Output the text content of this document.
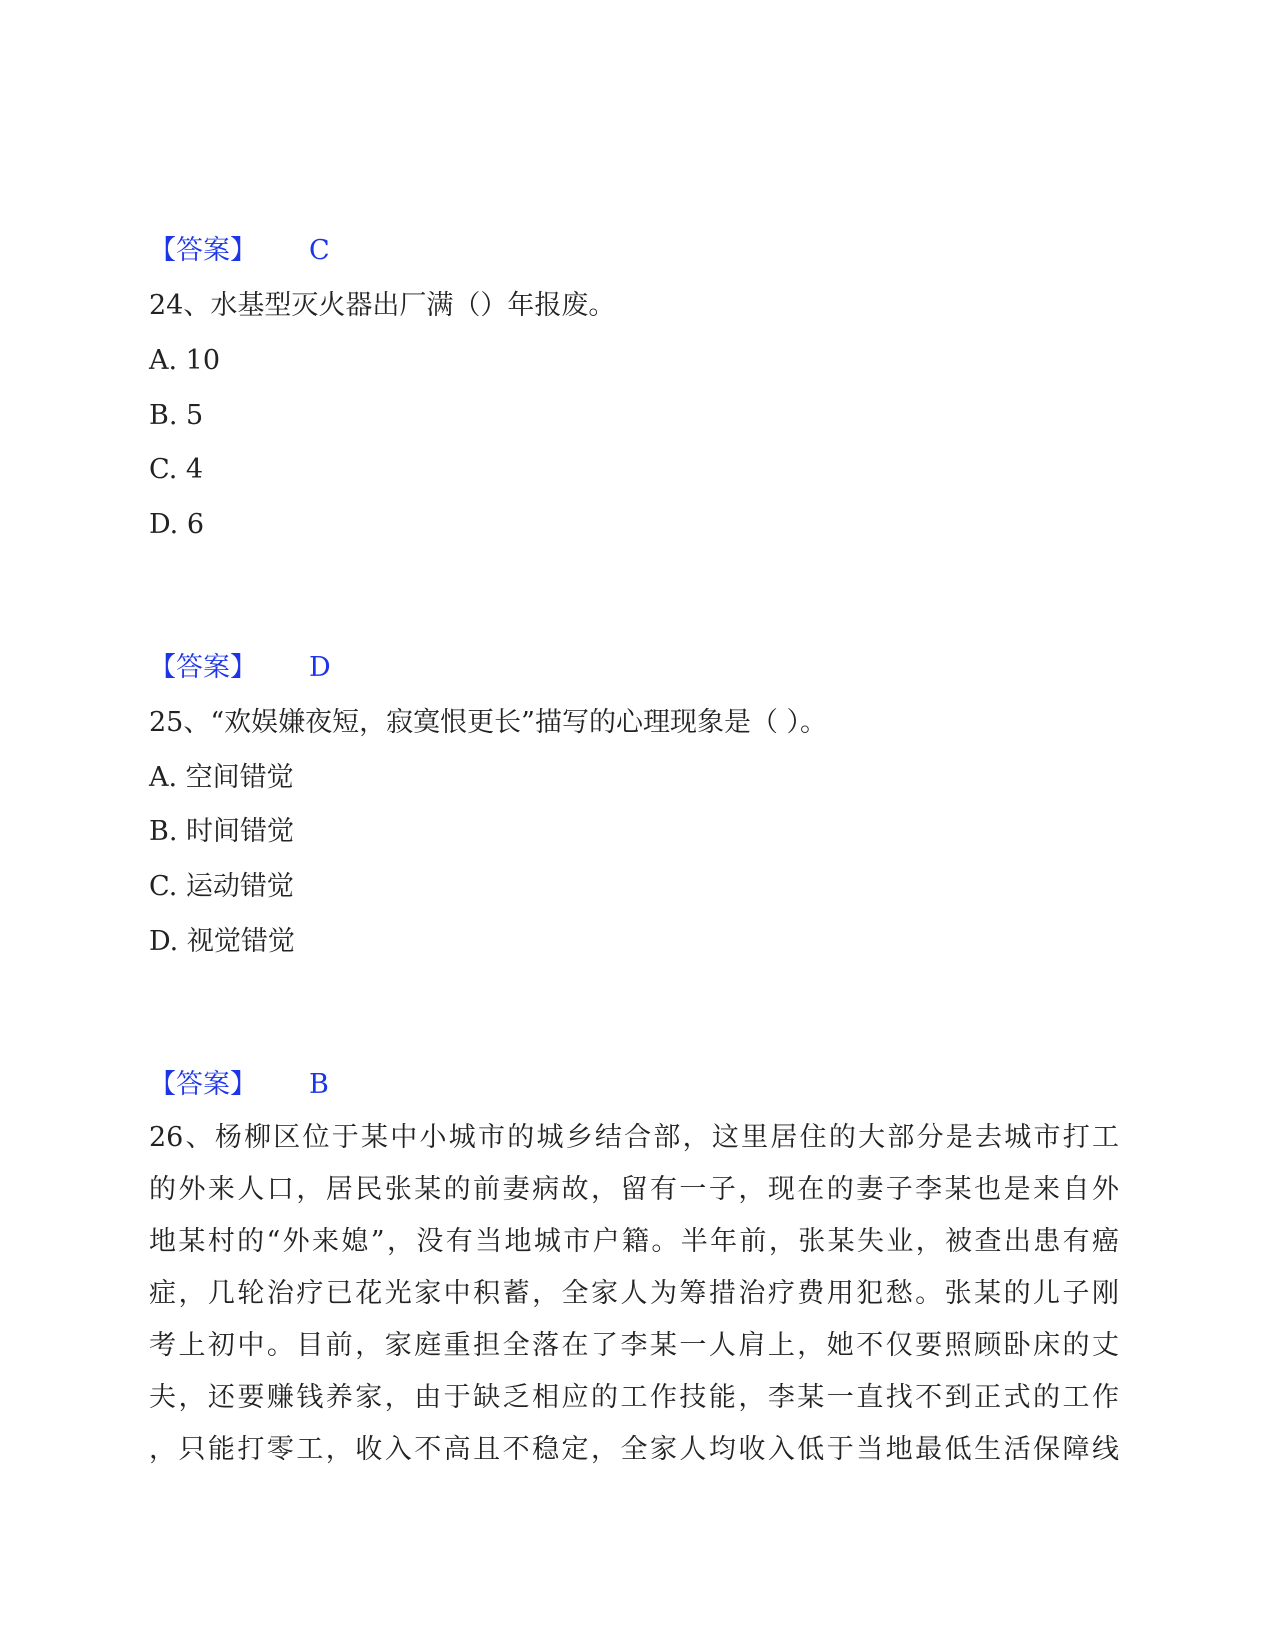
【答案】 C
24、水基型灭火器出厂满（）年报废。
A. 10
B. 5
C. 4
D. 6
【答案】 D
25、“欢娱嫌夜短，寂寞恨更长”描写的心理现象是（ ）。
A. 空间错觉
B. 时间错觉
C. 运动错觉
D. 视觉错觉
【答案】 B
26、杨柳区位于某中小城市的城乡结合部，这里居住的大部分是去城市打工
的外来人口，居民张某的前妻病故，留有一子，现在的妻子李某也是来自外
地某村的“外来媳”，没有当地城市户籍。半年前，张某失业，被查出患有癌
症，几轮治疗已花光家中积蓄，全家人为筹措治疗费用犯愁。张某的儿子刚
考上初中。目前，家庭重担全落在了李某一人肩上，她不仅要照顾卧床的丈
夫，还要赚钱养家，由于缺乏相应的工作技能，李某一直找不到正式的工作
，只能打零工，收入不高且不稳定，全家人均收入低于当地最低生活保障线
